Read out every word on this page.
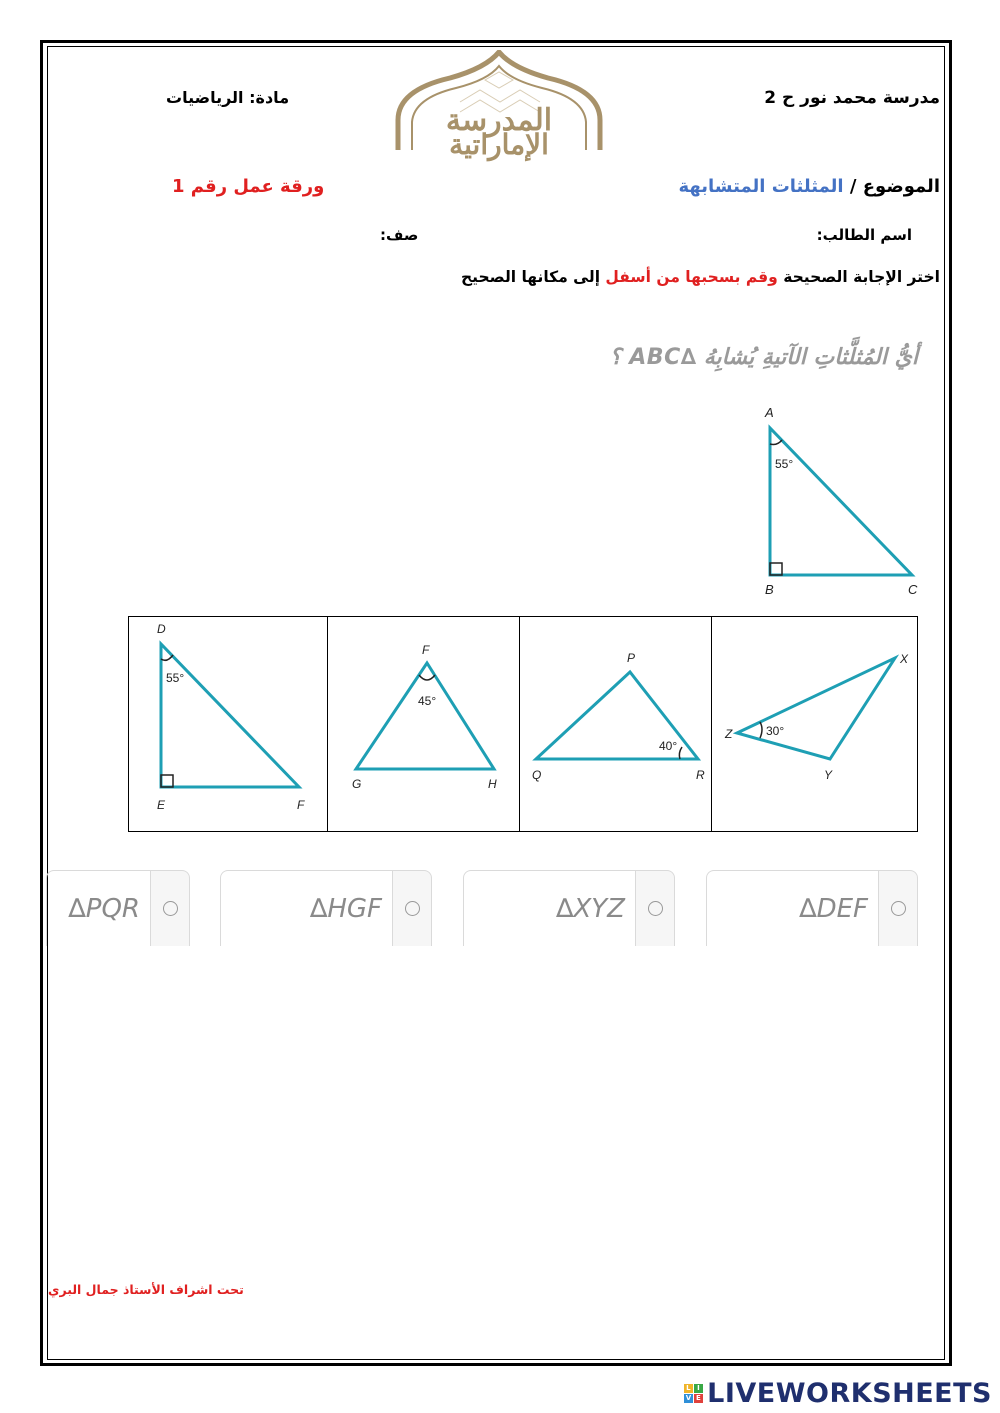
مدرسة محمد نور ح 2
مادة: الرياضيات
المدرسة
الإماراتية
الموضوع / المثلثات المتشابهة
ورقة عمل رقم 1
اسم الطالب:
صف:
اختر الإجابة الصحيحة وقم بسحبها من أسفل إلى مكانها الصحيح
أيُّ المُثلَّثاتِ الآتيةِ يُشابِهُ ∆ABC ؟
A
B	C
55°
D
E	F
55°
F
G	H
45°
P
Q	R
40°
X
Y
Z	30°
∆PQR	∆HGF	∆XYZ	∆DEF
تحت اشراف الأستاذ جمال البري
L I
V E LIVEWORKSHEETS
